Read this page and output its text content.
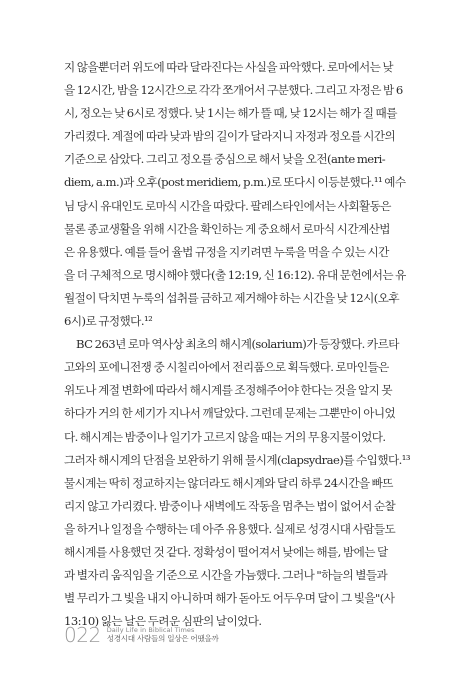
지 않을뿐더러 위도에 따라 달라진다는 사실을 파악했다. 로마에서는 낮
을 12시간, 밤을 12시간으로 각각 쪼개어서 구분했다. 그리고 자정은 밤 6
시, 정오는 낮 6시로 정했다. 낮 1시는 해가 뜰 때, 낮 12시는 해가 질 때를
가리켰다. 계절에 따라 낮과 밤의 길이가 달라지니 자정과 정오를 시간의
기준으로 삼았다. 그리고 정오를 중심으로 해서 낮을 오전(ante meri-
diem, a.m.)과 오후(post meridiem, p.m.)로 또다시 이등분했다.¹¹ 예수
님 당시 유대인도 로마식 시간을 따랐다. 팔레스타인에서는 사회활동은
물론 종교생활을 위해 시간을 확인하는 게 중요해서 로마식 시간계산법
은 유용했다. 예를 들어 율법 규정을 지키려면 누룩을 먹을 수 있는 시간
을 더 구체적으로 명시해야 했다(출 12:19, 신 16:12). 유대 문헌에서는 유
월절이 닥치면 누룩의 섭취를 금하고 제거해야 하는 시간을 낮 12시(오후
6시)로 규정했다.¹²
BC 263년 로마 역사상 최초의 해시계(solarium)가 등장했다. 카르타
고와의 포에니전쟁 중 시칠리아에서 전리품으로 획득했다. 로마인들은
위도나 계절 변화에 따라서 해시계를 조정해주어야 한다는 것을 알지 못
하다가 거의 한 세기가 지나서 깨달았다. 그런데 문제는 그뿐만이 아니었
다. 해시계는 밤중이나 일기가 고르지 않을 때는 거의 무용지물이었다.
그러자 해시계의 단점을 보완하기 위해 물시계(clapsydrae)를 수입했다.¹³
물시계는 딱히 정교하지는 않더라도 해시계와 달리 하루 24시간을 빠뜨
리지 않고 가리켰다. 밤중이나 새벽에도 작동을 멈추는 법이 없어서 순찰
을 하거나 일정을 수행하는 데 아주 유용했다. 실제로 성경시대 사람들도
해시계를 사용했던 것 같다. 정확성이 떨어져서 낮에는 해를, 밤에는 달
과 별자리 움직임을 기준으로 시간을 가늠했다. 그러나 "하늘의 별들과
별 무리가 그 빛을 내지 아니하며 해가 돋아도 어두우며 달이 그 빛을"(사
13:10) 잃는 날은 두려운 심판의 날이었다.
022 Daily Life in Biblical Times
성경시대 사람들의 일상은 어땠을까
